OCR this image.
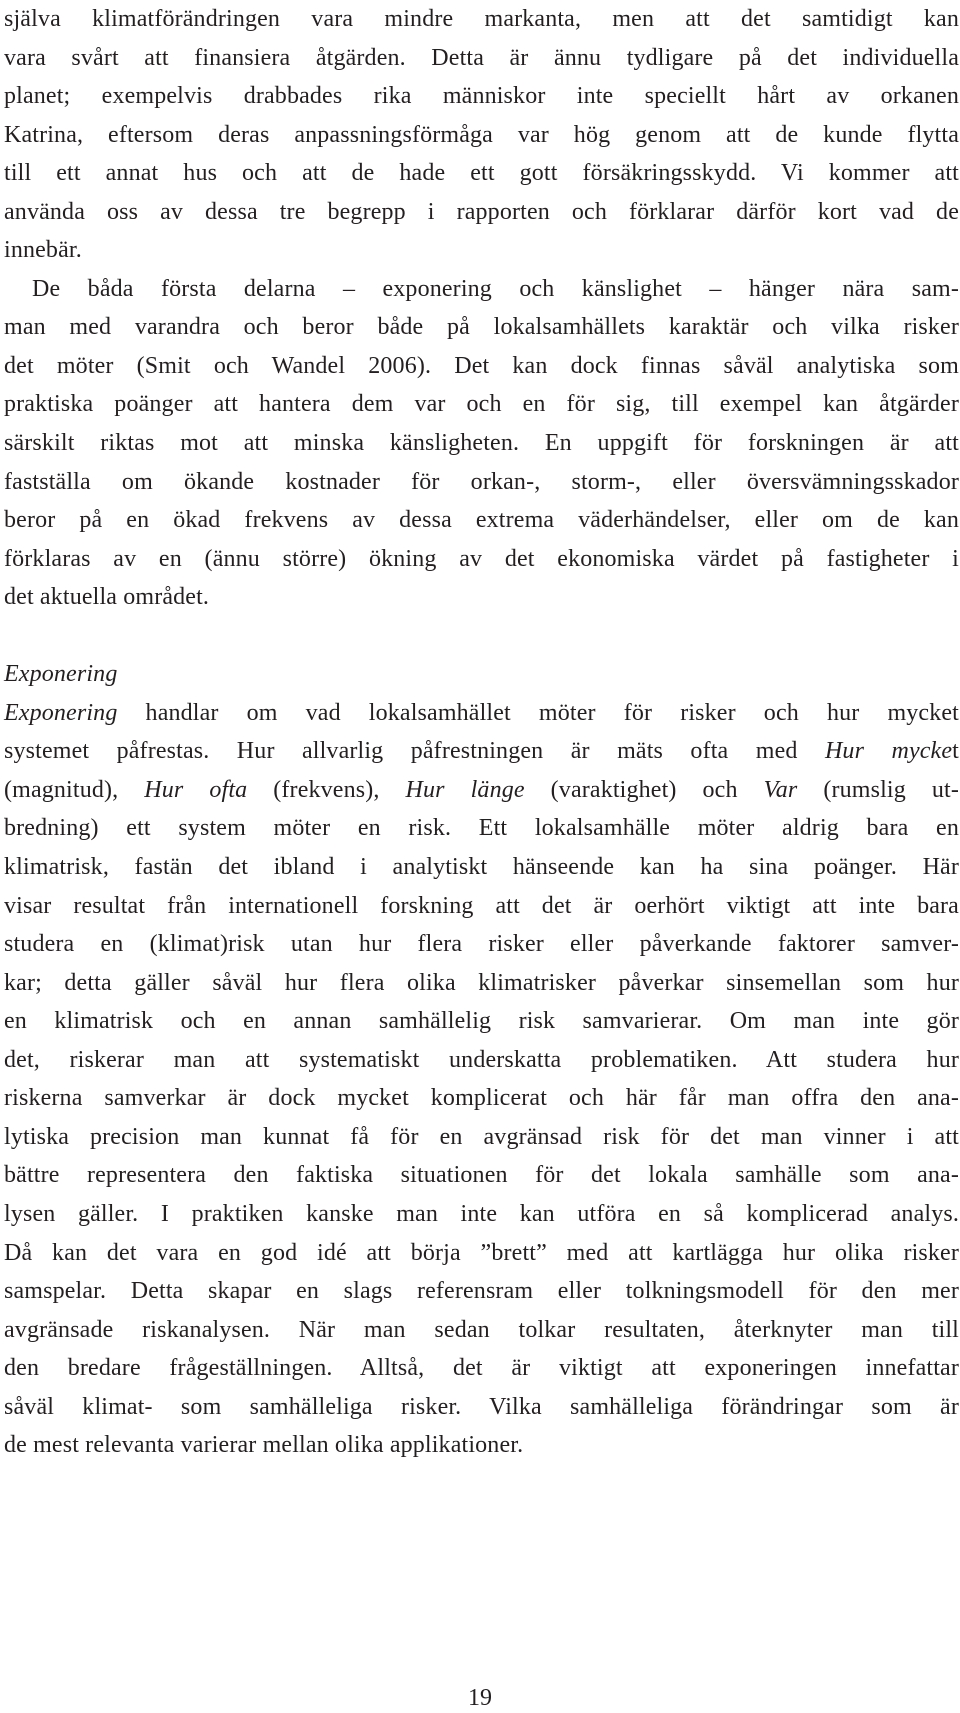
själva klimatförändringen vara mindre markanta, men att det samtidigt kan
vara svårt att finansiera åtgärden. Detta är ännu tydligare på det individuella
planet; exempelvis drabbades rika människor inte speciellt hårt av orkanen
Katrina, eftersom deras anpassningsförmåga var hög genom att de kunde flytta
till ett annat hus och att de hade ett gott försäkringsskydd. Vi kommer att
använda oss av dessa tre begrepp i rapporten och förklarar därför kort vad de
innebär.
De båda första delarna – exponering och känslighet – hänger nära sam-
man med varandra och beror både på lokalsamhällets karaktär och vilka risker
det möter (Smit och Wandel 2006). Det kan dock finnas såväl analytiska som
praktiska poänger att hantera dem var och en för sig, till exempel kan åtgärder
särskilt riktas mot att minska känsligheten. En uppgift för forskningen är att
fastställa om ökande kostnader för orkan-, storm-, eller översvämningsskador
beror på en ökad frekvens av dessa extrema väderhändelser, eller om de kan
förklaras av en (ännu större) ökning av det ekonomiska värdet på fastigheter i
det aktuella området.
Exponering
Exponering handlar om vad lokalsamhället möter för risker och hur mycket
systemet påfrestas. Hur allvarlig påfrestningen är mäts ofta med Hur mycket
(magnitud), Hur ofta (frekvens), Hur länge (varaktighet) och Var (rumslig ut-
bredning) ett system möter en risk. Ett lokalsamhälle möter aldrig bara en
klimatrisk, fastän det ibland i analytiskt hänseende kan ha sina poänger. Här
visar resultat från internationell forskning att det är oerhört viktigt att inte bara
studera en (klimat)risk utan hur flera risker eller påverkande faktorer samver-
kar; detta gäller såväl hur flera olika klimatrisker påverkar sinsemellan som hur
en klimatrisk och en annan samhällelig risk samvarierar. Om man inte gör
det, riskerar man att systematiskt underskatta problematiken. Att studera hur
riskerna samverkar är dock mycket komplicerat och här får man offra den ana-
lytiska precision man kunnat få för en avgränsad risk för det man vinner i att
bättre representera den faktiska situationen för det lokala samhälle som ana-
lysen gäller. I praktiken kanske man inte kan utföra en så komplicerad analys.
Då kan det vara en god idé att börja ”brett” med att kartlägga hur olika risker
samspelar. Detta skapar en slags referensram eller tolkningsmodell för den mer
avgränsade riskanalysen. När man sedan tolkar resultaten, återknyter man till
den bredare frågeställningen. Alltså, det är viktigt att exponeringen innefattar
såväl klimat- som samhälleliga risker. Vilka samhälleliga förändringar som är
de mest relevanta varierar mellan olika applikationer.
19
